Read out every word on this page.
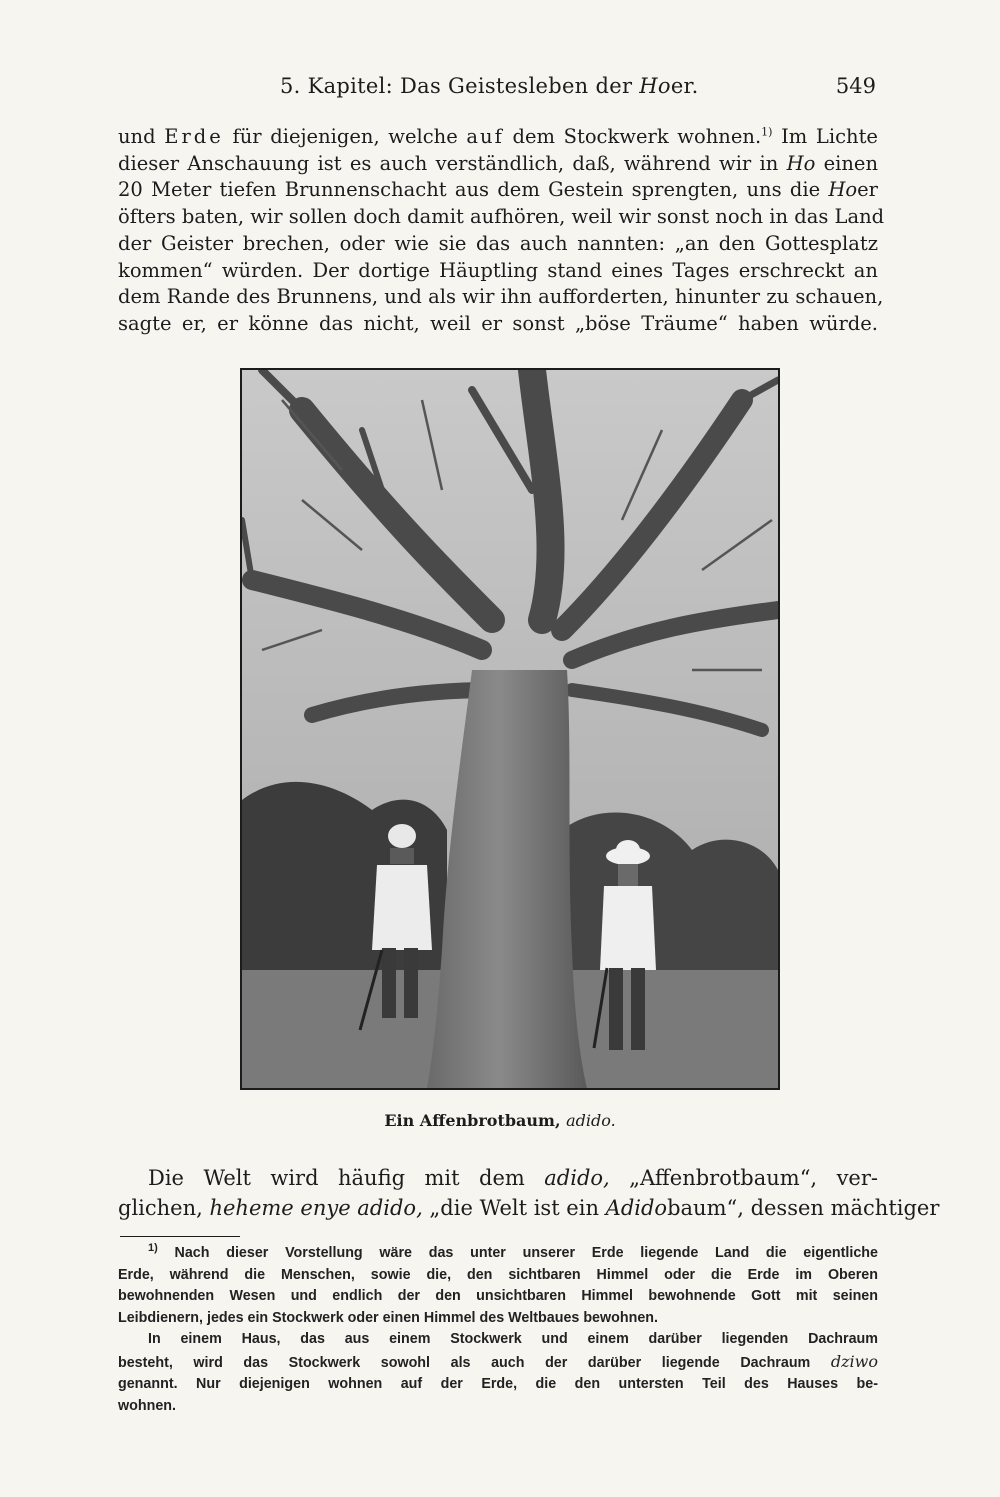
5. Kapitel: Das Geistesleben der Hoer.	549
und Erde für diejenigen, welche auf dem Stockwerk wohnen.$^{1)}$ Im Lichte
dieser Anschauung ist es auch verständlich, daß, während wir in Ho einen
20 Meter tiefen Brunnenschacht aus dem Gestein sprengten, uns die Hoer
öfters baten, wir sollen doch damit aufhören, weil wir sonst noch in das Land
der Geister brechen, oder wie sie das auch nannten: „an den Gottesplatz
kommen“ würden. Der dortige Häuptling stand eines Tages erschreckt an
dem Rande des Brunnens, und als wir ihn aufforderten, hinunter zu schauen,
sagte er, er könne das nicht, weil er sonst „böse Träume“ haben würde.
Ein Affenbrotbaum, adido.
Die Welt wird häufig mit dem adido, „Affenbrotbaum“, ver-
glichen, heheme enye adido, „die Welt ist ein Adidobaum“, dessen mächtiger
$^{1)}$ Nach dieser Vorstellung wäre das unter unserer Erde liegende Land die eigentliche
Erde, während die Menschen, sowie die, den sichtbaren Himmel oder die Erde im Oberen
bewohnenden Wesen und endlich der den unsichtbaren Himmel bewohnende Gott mit seinen
Leibdienern, jedes ein Stockwerk oder einen Himmel des Weltbaues bewohnen.
In einem Haus, das aus einem Stockwerk und einem darüber liegenden Dachraum
besteht, wird das Stockwerk sowohl als auch der darüber liegende Dachraum dziwo
genannt. Nur diejenigen wohnen auf der Erde, die den untersten Teil des Hauses be-
wohnen.
